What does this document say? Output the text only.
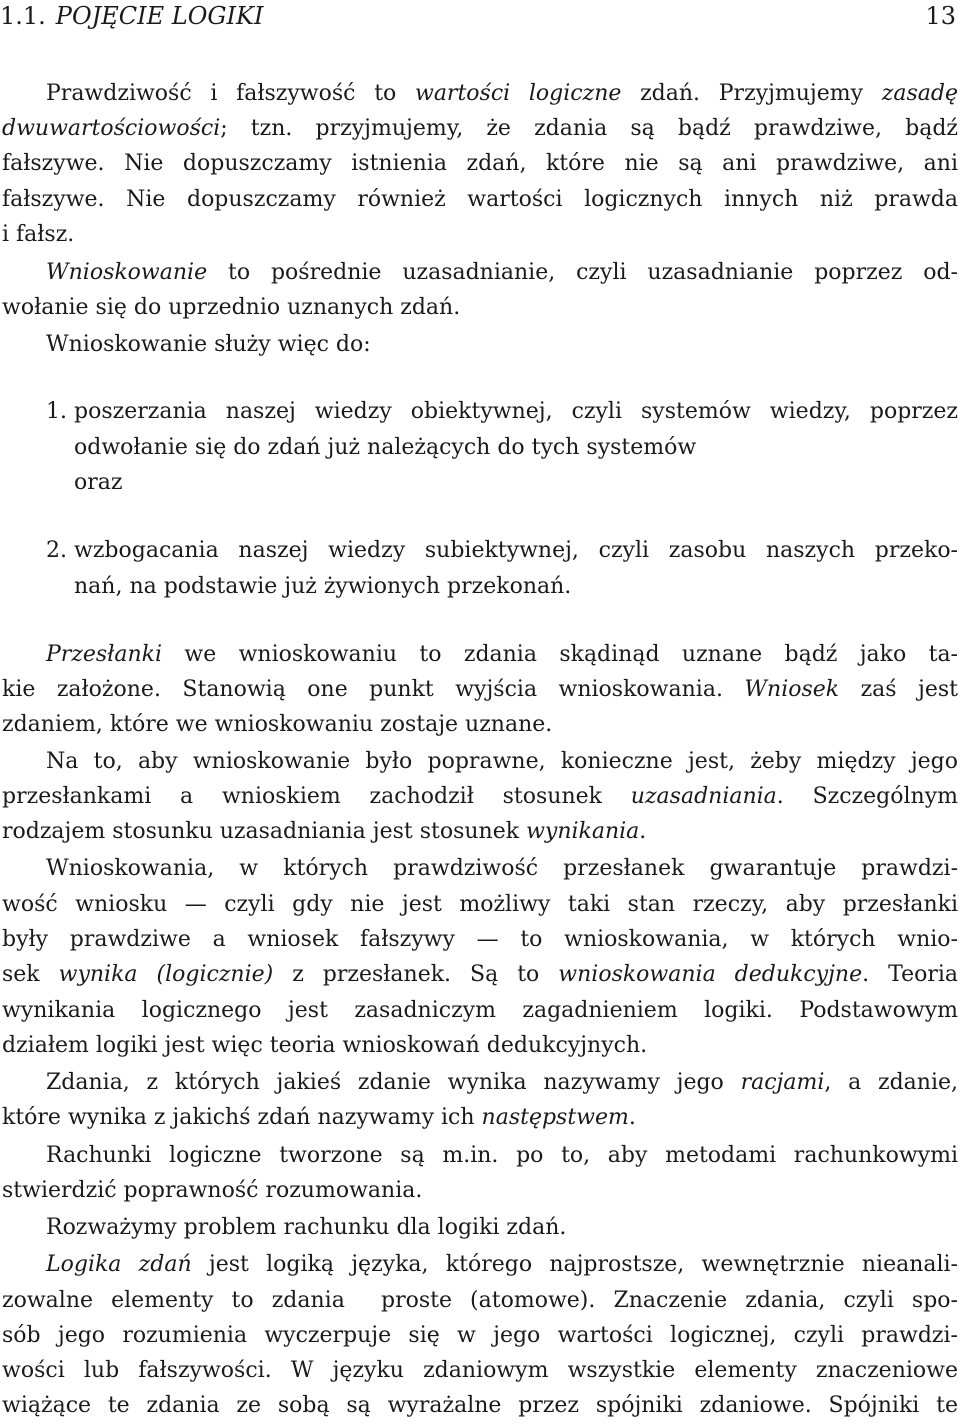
1.1. POJĘCIE LOGIKI	13
Prawdziwość i fałszywość to wartości logiczne zdań. Przyjmujemy zasadę
dwuwartościowości; tzn. przyjmujemy, że zdania są bądź prawdziwe, bądź
fałszywe. Nie dopuszczamy istnienia zdań, które nie są ani prawdziwe, ani
fałszywe. Nie dopuszczamy również wartości logicznych innych niż prawda
i fałsz.
Wnioskowanie to pośrednie uzasadnianie, czyli uzasadnianie poprzez od-
wołanie się do uprzednio uznanych zdań.
Wnioskowanie służy więc do:
1. poszerzania naszej wiedzy obiektywnej, czyli systemów wiedzy, poprzez
odwołanie się do zdań już należących do tych systemów
oraz
2. wzbogacania naszej wiedzy subiektywnej, czyli zasobu naszych przeko-
nań, na podstawie już żywionych przekonań.
Przesłanki we wnioskowaniu to zdania skądinąd uznane bądź jako ta-
kie założone. Stanowią one punkt wyjścia wnioskowania. Wniosek zaś jest
zdaniem, które we wnioskowaniu zostaje uznane.
Na to, aby wnioskowanie było poprawne, konieczne jest, żeby między jego
przesłankami a wnioskiem zachodził stosunek uzasadniania. Szczególnym
rodzajem stosunku uzasadniania jest stosunek wynikania.
Wnioskowania, w których prawdziwość przesłanek gwarantuje prawdzi-
wość wniosku — czyli gdy nie jest możliwy taki stan rzeczy, aby przesłanki
były prawdziwe a wniosek fałszywy — to wnioskowania, w których wnio-
sek wynika (logicznie) z przesłanek. Są to wnioskowania dedukcyjne. Teoria
wynikania logicznego jest zasadniczym zagadnieniem logiki. Podstawowym
działem logiki jest więc teoria wnioskowań dedukcyjnych.
Zdania, z których jakieś zdanie wynika nazywamy jego racjami, a zdanie,
które wynika z jakichś zdań nazywamy ich następstwem.
Rachunki logiczne tworzone są m.in. po to, aby metodami rachunkowymi
stwierdzić poprawność rozumowania.
Rozważymy problem rachunku dla logiki zdań.
Logika zdań jest logiką języka, którego najprostsze, wewnętrznie nieanali-
zowalne elementy to zdania  proste (atomowe). Znaczenie zdania, czyli spo-
sób jego rozumienia wyczerpuje się w jego wartości logicznej, czyli prawdzi-
wości lub fałszywości. W języku zdaniowym wszystkie elementy znaczeniowe
wiążące te zdania ze sobą są wyrażalne przez spójniki zdaniowe. Spójniki te
